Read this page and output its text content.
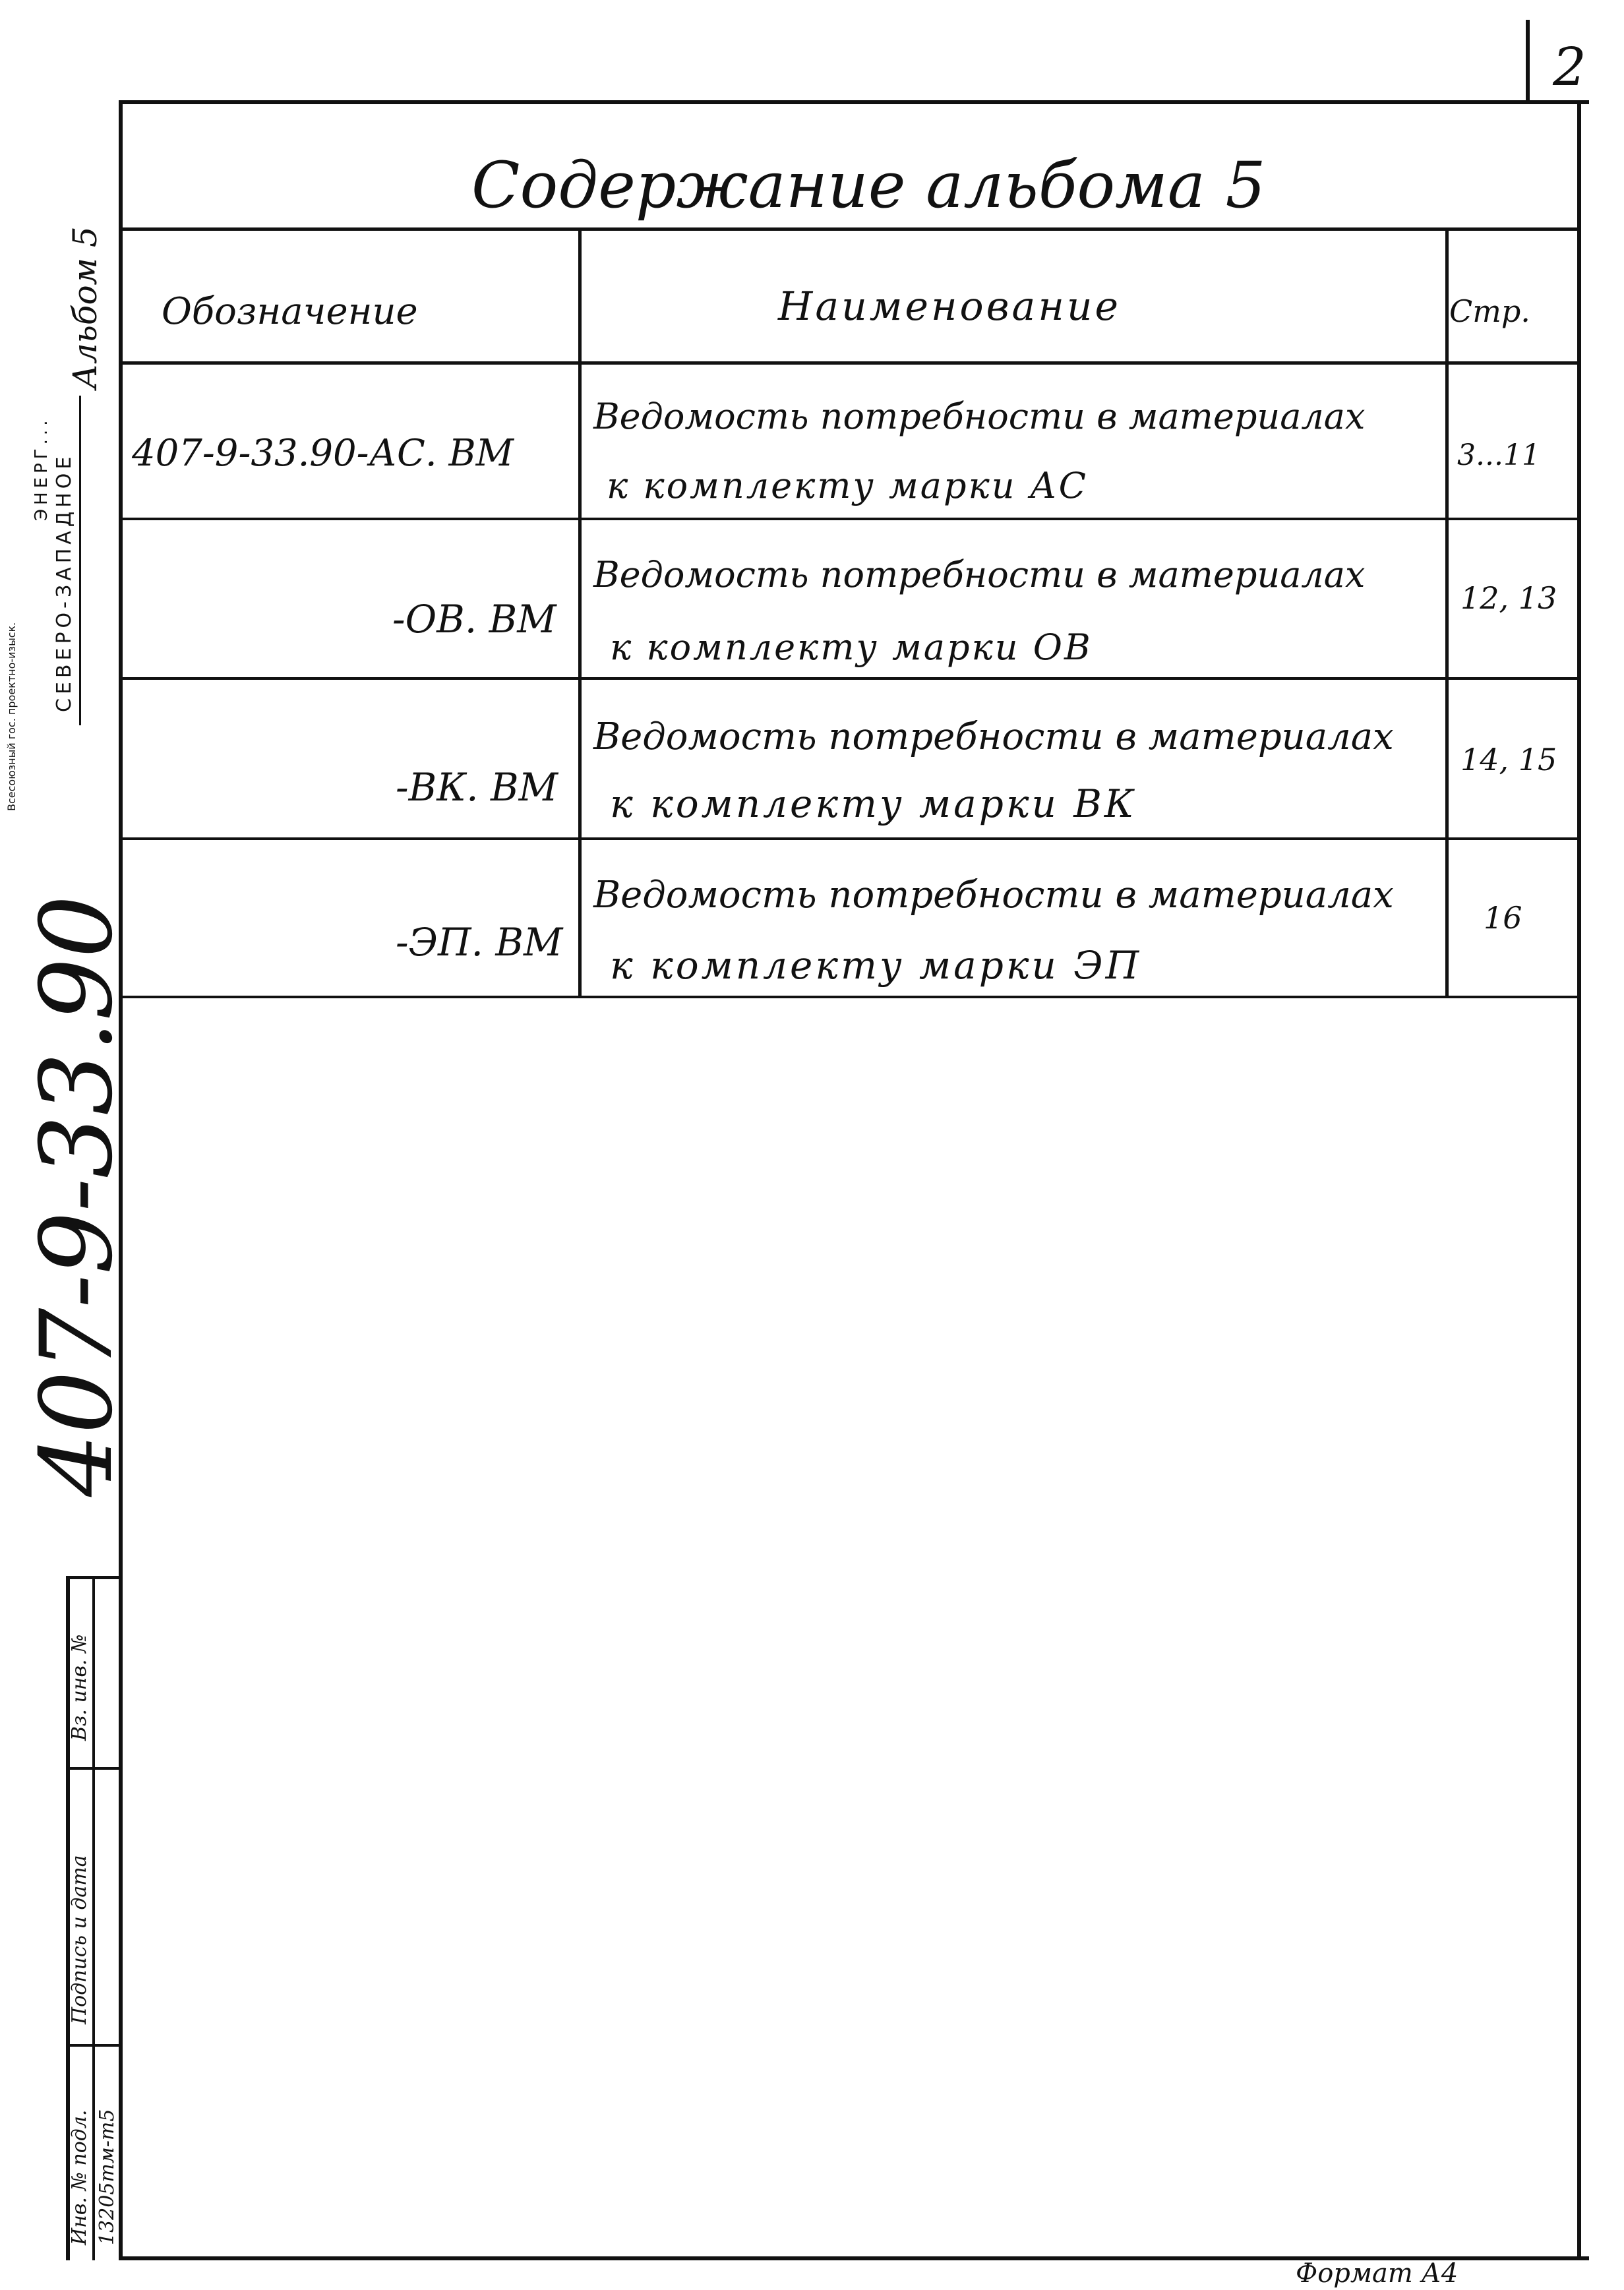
2
Содержание альбома 5
Обозначение	Наименование	Стр.
407-9-33.90-АС. ВМ
Ведомость потребности в материалах
к комплекту марки АС
3...11
-ОВ. ВМ
Ведомость потребности в материалах
к комплекту марки ОВ
12, 13
-ВК. ВМ
Ведомость потребности в материалах
к комплекту марки ВК
14, 15
-ЭП. ВМ
Ведомость потребности в материалах
к комплекту марки ЭП
16
Альбом 5
Всесоюзный гос. проектно-изыск.
ЭНЕРГ... СЕВЕРО-ЗАПАДНОЕ
407-9-33.90
Вз. инв. №
Подпись и дата
Инв. № подл. 13205тм-т5
Формат А4
